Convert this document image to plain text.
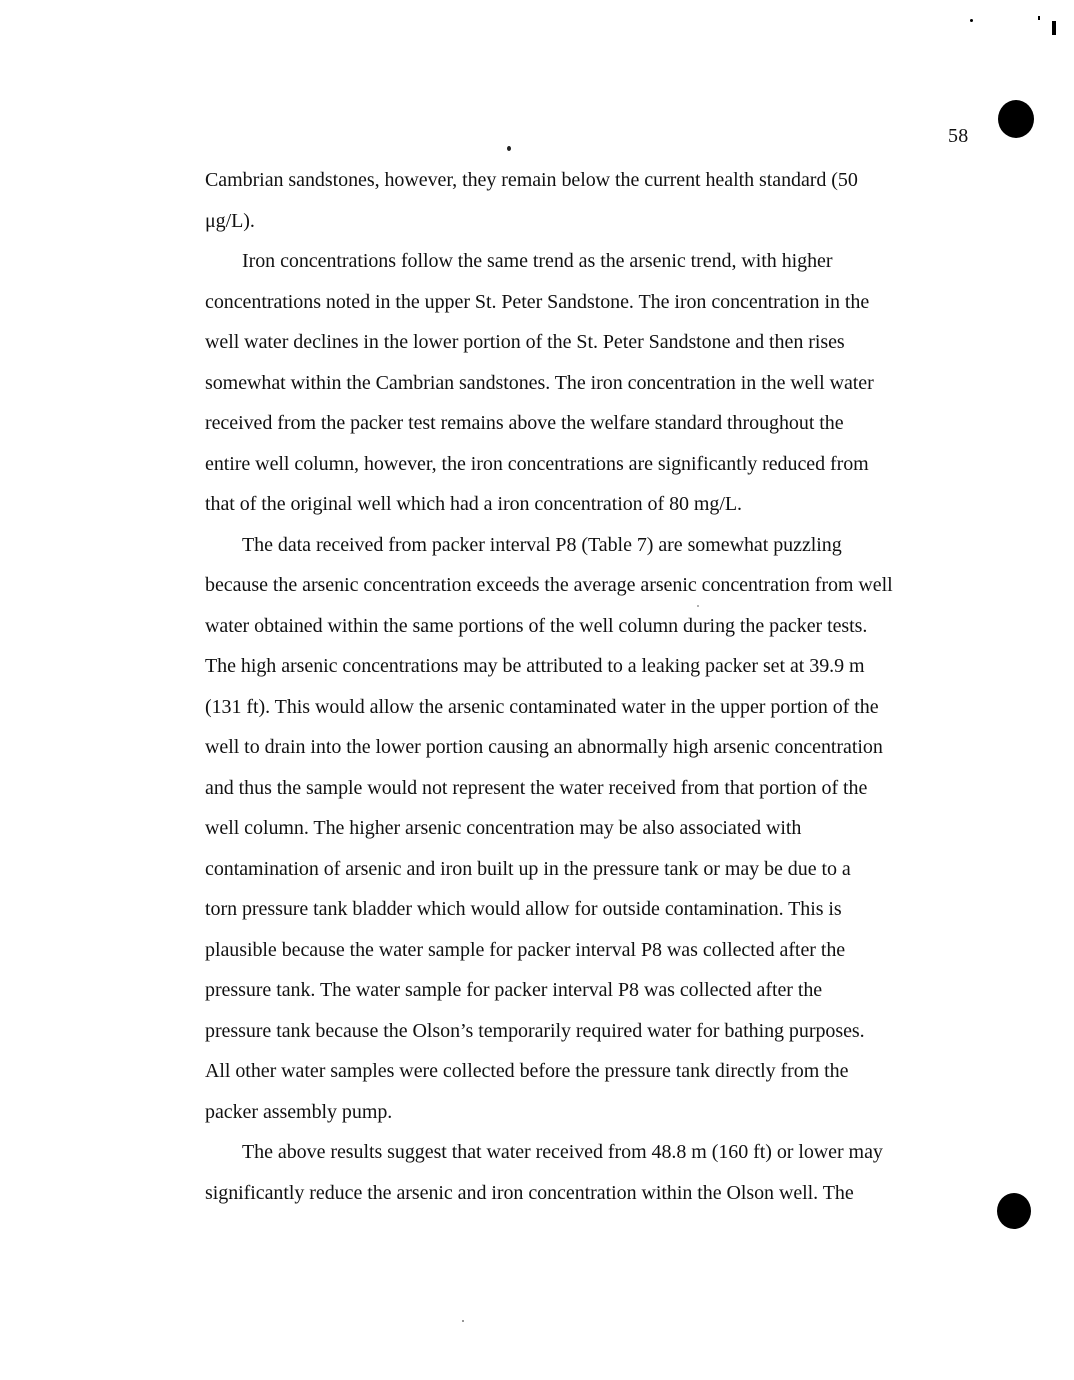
58
Cambrian sandstones, however, they remain below the current health standard (50
μg/L).
Iron concentrations follow the same trend as the arsenic trend, with higher
concentrations noted in the upper St. Peter Sandstone. The iron concentration in the
well water declines in the lower portion of the St. Peter Sandstone and then rises
somewhat within the Cambrian sandstones. The iron concentration in the well water
received from the packer test remains above the welfare standard throughout the
entire well column, however, the iron concentrations are significantly reduced from
that of the original well which had a iron concentration of 80 mg/L.
The data received from packer interval P8 (Table 7) are somewhat puzzling
because the arsenic concentration exceeds the average arsenic concentration from well
water obtained within the same portions of the well column during the packer tests.
The high arsenic concentrations may be attributed to a leaking packer set at 39.9 m
(131 ft). This would allow the arsenic contaminated water in the upper portion of the
well to drain into the lower portion causing an abnormally high arsenic concentration
and thus the sample would not represent the water received from that portion of the
well column. The higher arsenic concentration may be also associated with
contamination of arsenic and iron built up in the pressure tank or may be due to a
torn pressure tank bladder which would allow for outside contamination. This is
plausible because the water sample for packer interval P8 was collected after the
pressure tank. The water sample for packer interval P8 was collected after the
pressure tank because the Olson’s temporarily required water for bathing purposes.
All other water samples were collected before the pressure tank directly from the
packer assembly pump.
The above results suggest that water received from 48.8 m (160 ft) or lower may
significantly reduce the arsenic and iron concentration within the Olson well. The
